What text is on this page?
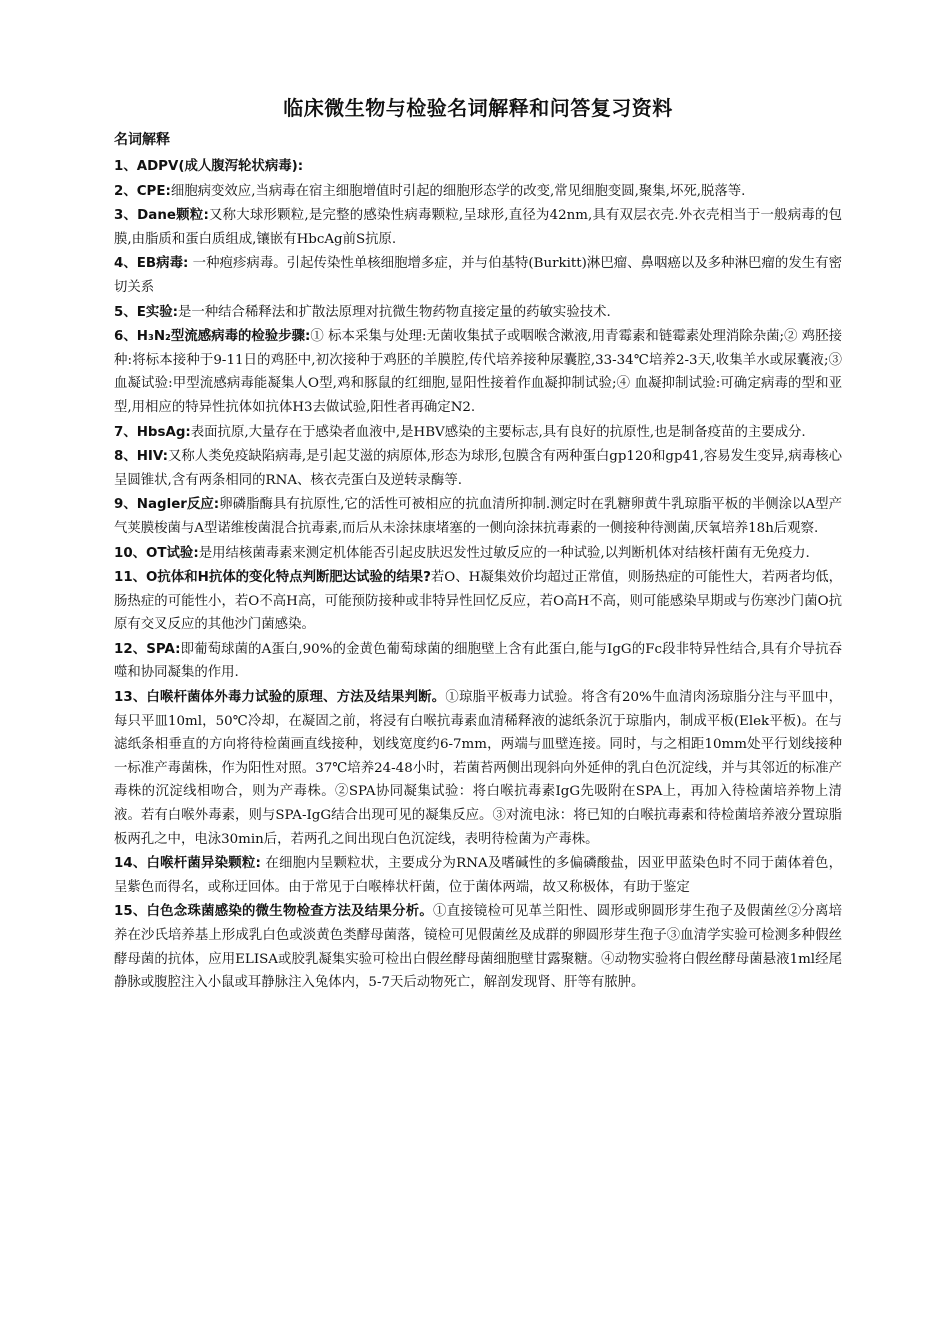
临床微生物与检验名词解释和问答复习资料
名词解释

1、ADPV(成人腹泻轮状病毒):

2、CPE:细胞病变效应,当病毒在宿主细胞增值时引起的细胞形态学的改变,常见细胞变圆,聚集,坏死,脱落等.

3、Dane颗粒:又称大球形颗粒,是完整的感染性病毒颗粒,呈球形,直径为42nm,具有双层衣壳.外衣壳相当于一般病毒的包膜,由脂质和蛋白质组成,镶嵌有HbcAg前S抗原.

4、EB病毒: 一种疱疹病毒。引起传染性单核细胞增多症，并与伯基特(Burkitt)淋巴瘤、鼻咽癌以及多种淋巴瘤的发生有密切关系

5、E实验:是一种结合稀释法和扩散法原理对抗微生物药物直接定量的药敏实验技术.

6、H₃N₂型流感病毒的检验步骤:① 标本采集与处理:无菌收集拭子或咽喉含漱液,用青霉素和链霉素处理消除杂菌;② 鸡胚接种:将标本接种于9-11日的鸡胚中,初次接种于鸡胚的羊膜腔,传代培养接种尿囊腔,33-34℃培养2-3天,收集羊水或尿囊液;③ 血凝试验:甲型流感病毒能凝集人O型,鸡和豚鼠的红细胞,显阳性接着作血凝抑制试验;④ 血凝抑制试验:可确定病毒的型和亚型,用相应的特异性抗体如抗体H3去做试验,阳性者再确定N2.

7、HbsAg:表面抗原,大量存在于感染者血液中,是HBV感染的主要标志,具有良好的抗原性,也是制备疫苗的主要成分.

8、HIV:又称人类免疫缺陷病毒,是引起艾滋的病原体,形态为球形,包膜含有两种蛋白gp120和gp41,容易发生变异,病毒核心呈圆锥状,含有两条相同的RNA、核衣壳蛋白及逆转录酶等.

9、Nagler反应:卵磷脂酶具有抗原性,它的活性可被相应的抗血清所抑制.测定时在乳糖卵黄牛乳琼脂平板的半侧涂以A型产气荚膜梭菌与A型诺维梭菌混合抗毒素,而后从未涂抹康堵塞的一侧向涂抹抗毒素的一侧接种待测菌,厌氧培养18h后观察.

10、OT试验:是用结核菌毒素来测定机体能否引起皮肤迟发性过敏反应的一种试验,以判断机体对结核杆菌有无免疫力.

11、O抗体和H抗体的变化特点判断肥达试验的结果?若O、H凝集效价均超过正常值，则肠热症的可能性大，若两者均低，肠热症的可能性小，若O不高H高，可能预防接种或非特异性回忆反应，若O高H不高，则可能感染早期或与伤寒沙门菌O抗原有交叉反应的其他沙门菌感染。

12、SPA:即葡萄球菌的A蛋白,90%的金黄色葡萄球菌的细胞壁上含有此蛋白,能与IgG的Fc段非特异性结合,具有介导抗吞噬和协同凝集的作用.

13、白喉杆菌体外毒力试验的原理、方法及结果判断。①琼脂平板毒力试验。将含有20%牛血清肉汤琼脂分注与平皿中，每只平皿10ml，50℃冷却，在凝固之前，将浸有白喉抗毒素血清稀释液的滤纸条沉于琼脂内，制成平板(Elek平板)。在与滤纸条相垂直的方向将待检菌画直线接种，划线宽度约6-7mm，两端与皿壁连接。同时，与之相距10mm处平行划线接种一标准产毒菌株，作为阳性对照。37℃培养24-48小时，若菌苔两侧出现斜向外延伸的乳白色沉淀线，并与其邻近的标准产毒株的沉淀线相吻合，则为产毒株。②SPA协同凝集试验：将白喉抗毒素IgG先吸附在SPA上，再加入待检菌培养物上清液。若有白喉外毒素，则与SPA-IgG结合出现可见的凝集反应。③对流电泳：将已知的白喉抗毒素和待检菌培养液分置琼脂板两孔之中，电泳30min后，若两孔之间出现白色沉淀线，表明待检菌为产毒株。

14、白喉杆菌异染颗粒: 在细胞内呈颗粒状，主要成分为RNA及嗜碱性的多偏磷酸盐，因亚甲蓝染色时不同于菌体着色，呈紫色而得名，或称迂回体。由于常见于白喉棒状杆菌，位于菌体两端，故又称极体，有助于鉴定

15、白色念珠菌感染的微生物检查方法及结果分析。①直接镜检可见革兰阳性、圆形或卵圆形芽生孢子及假菌丝②分离培养在沙氏培养基上形成乳白色或淡黄色类酵母菌落，镜检可见假菌丝及成群的卵圆形芽生孢子③血清学实验可检测多种假丝酵母菌的抗体，应用ELISA或胶乳凝集实验可检出白假丝酵母菌细胞壁甘露聚糖。④动物实验将白假丝酵母菌悬液1ml经尾静脉或腹腔注入小鼠或耳静脉注入兔体内，5-7天后动物死亡，解剖发现肾、肝等有脓肿。
